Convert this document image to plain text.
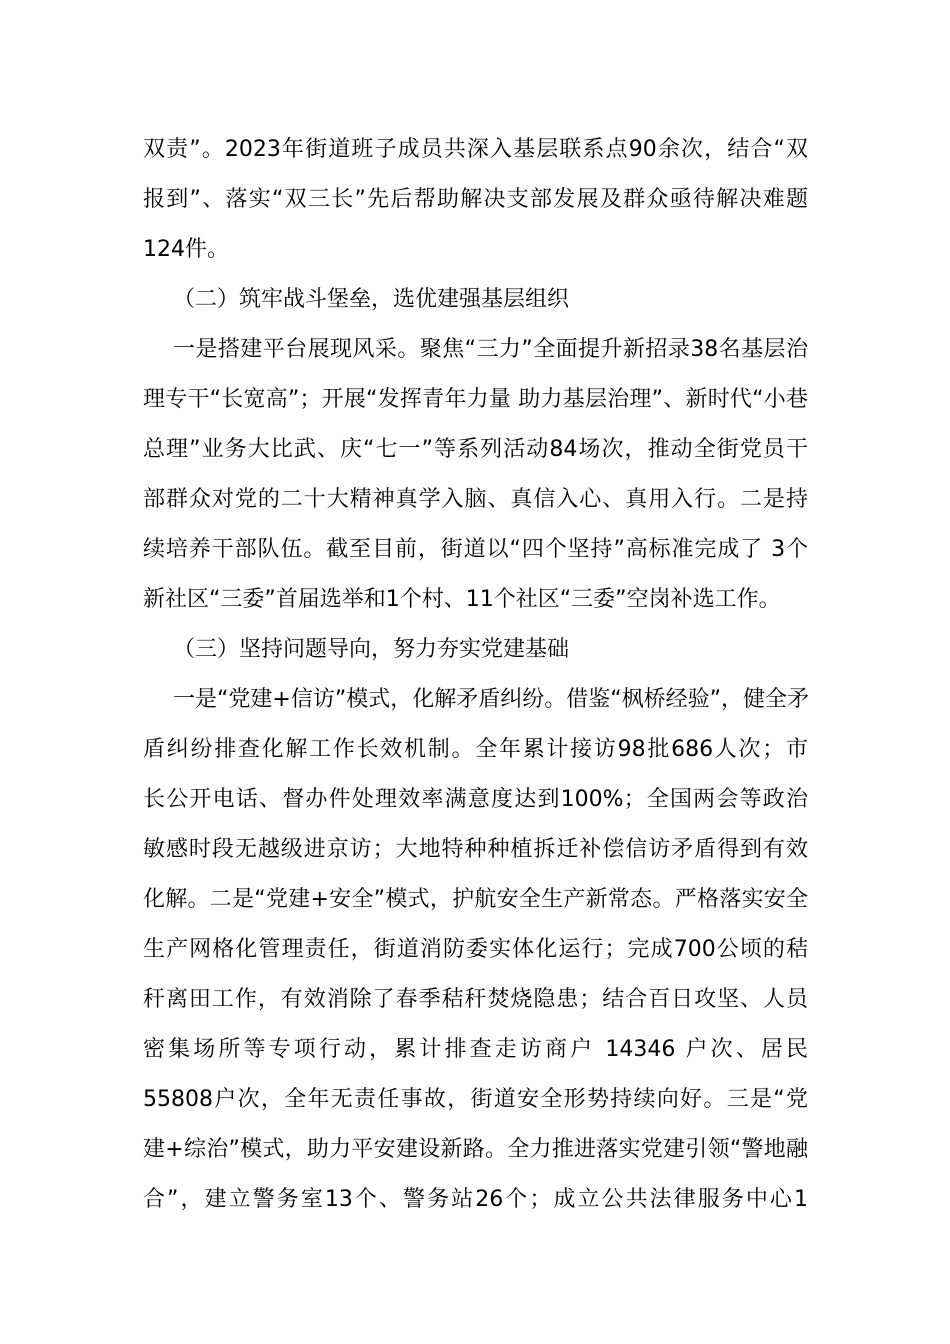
双责”。2023年街道班子成员共深入基层联系点90余次，结合“双
报到”、落实“双三长”先后帮助解决支部发展及群众亟待解决难题
124件。
（二）筑牢战斗堡垒，选优建强基层组织
一是搭建平台展现风采。聚焦“三力”全面提升新招录38名基层治
理专干“长宽高”；开展“发挥青年力量 助力基层治理”、新时代“小巷
总理”业务大比武、庆“七一”等系列活动84场次，推动全街党员干
部群众对党的二十大精神真学入脑、真信入心、真用入行。二是持
续培养干部队伍。截至目前，街道以“四个坚持”高标准完成了 3个
新社区“三委”首届选举和1个村、11个社区“三委”空岗补选工作。
（三）坚持问题导向，努力夯实党建基础
一是“党建+信访”模式，化解矛盾纠纷。借鉴“枫桥经验”，健全矛
盾纠纷排查化解工作长效机制。全年累计接访98批686人次；市
长公开电话、督办件处理效率满意度达到100%；全国两会等政治
敏感时段无越级进京访；大地特种种植拆迁补偿信访矛盾得到有效
化解。二是“党建+安全”模式，护航安全生产新常态。严格落实安全
生产网格化管理责任，街道消防委实体化运行；完成700公顷的秸
秆离田工作，有效消除了春季秸秆焚烧隐患；结合百日攻坚、人员
密集场所等专项行动，累计排查走访商户 14346 户次、居民
55808户次，全年无责任事故，街道安全形势持续向好。三是“党
建+综治”模式，助力平安建设新路。全力推进落实党建引领“警地融
合”，建立警务室13个、警务站26个；成立公共法律服务中心1
